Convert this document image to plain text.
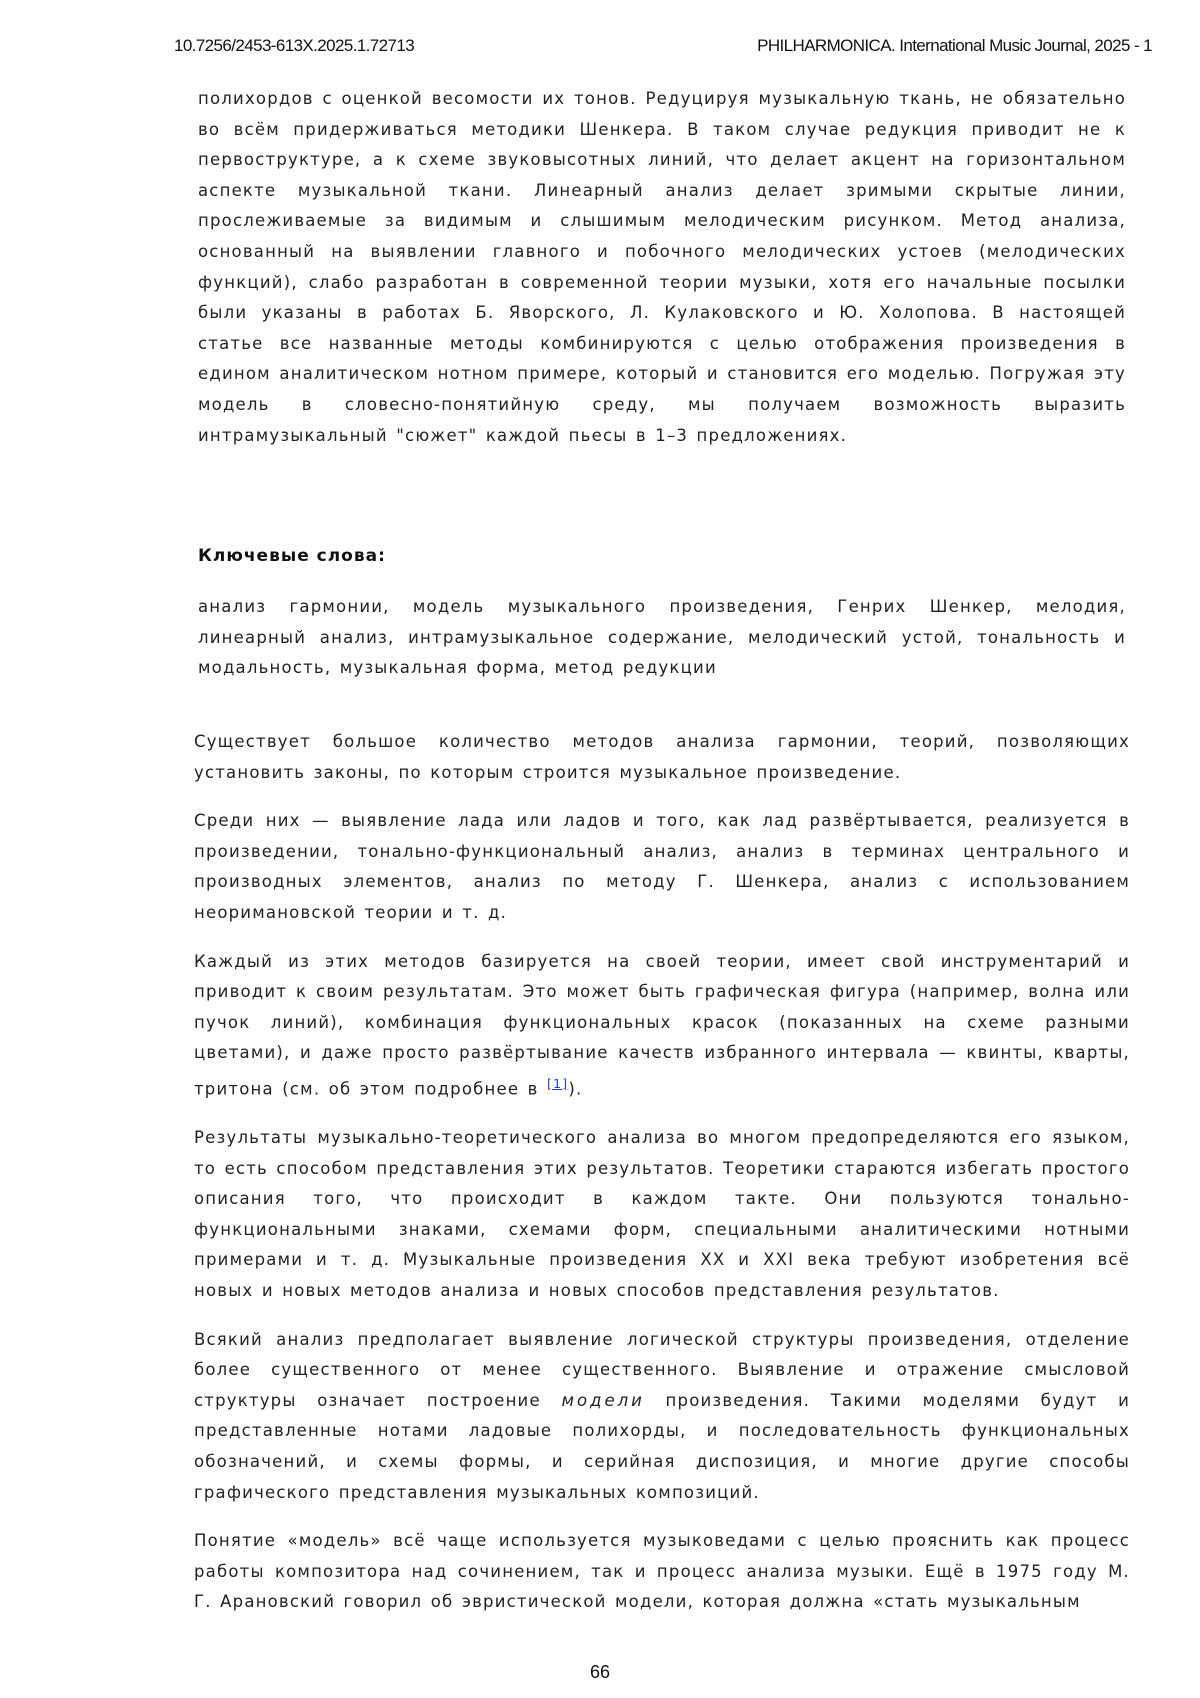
10.7256/2453-613X.2025.1.72713	PHILHARMONICA. International Music Journal, 2025 - 1

полихордов с оценкой весомости их тонов. Редуцируя музыкальную ткань, не обязательно во всём придерживаться методики Шенкера. В таком случае редукция приводит не к первоструктуре, а к схеме звуковысотных линий, что делает акцент на горизонтальном аспекте музыкальной ткани. Линеарный анализ делает зримыми скрытые линии, прослеживаемые за видимым и слышимым мелодическим рисунком. Метод анализа, основанный на выявлении главного и побочного мелодических устоев (мелодических функций), слабо разработан в современной теории музыки, хотя его начальные посылки были указаны в работах Б. Яворского, Л. Кулаковского и Ю. Холопова. В настоящей статье все названные методы комбинируются с целью отображения произведения в едином аналитическом нотном примере, который и становится его моделью. Погружая эту модель в словесно-понятийную среду, мы получаем возможность выразить интрамузыкальный "сюжет" каждой пьесы в 1–3 предложениях.

Ключевые слова:

анализ гармонии, модель музыкального произведения, Генрих Шенкер, мелодия, линеарный анализ, интрамузыкальное содержание, мелодический устой, тональность и модальность, музыкальная форма, метод редукции

Существует большое количество методов анализа гармонии, теорий, позволяющих установить законы, по которым строится музыкальное произведение.

Среди них — выявление лада или ладов и того, как лад развёртывается, реализуется в произведении, тонально-функциональный анализ, анализ в терминах центрального и производных элементов, анализ по методу Г. Шенкера, анализ с использованием неоримановской теории и т. д.

Каждый из этих методов базируется на своей теории, имеет свой инструментарий и приводит к своим результатам. Это может быть графическая фигура (например, волна или пучок линий), комбинация функциональных красок (показанных на схеме разными цветами), и даже просто развёртывание качеств избранного интервала — квинты, кварты, тритона (см. об этом подробнее в [1]).

Результаты музыкально-теоретического анализа во многом предопределяются его языком, то есть способом представления этих результатов. Теоретики стараются избегать простого описания того, что происходит в каждом такте. Они пользуются тонально-функциональными знаками, схемами форм, специальными аналитическими нотными примерами и т. д. Музыкальные произведения XX и XXI века требуют изобретения всё новых и новых методов анализа и новых способов представления результатов.

Всякий анализ предполагает выявление логической структуры произведения, отделение более существенного от менее существенного. Выявление и отражение смысловой структуры означает построение модели произведения. Такими моделями будут и представленные нотами ладовые полихорды, и последовательность функциональных обозначений, и схемы формы, и серийная диспозиция, и многие другие способы графического представления музыкальных композиций.

Понятие «модель» всё чаще используется музыковедами с целью прояснить как процесс работы композитора над сочинением, так и процесс анализа музыки. Ещё в 1975 году М. Г. Арановский говорил об эвристической модели, которая должна «стать музыкальным

66
